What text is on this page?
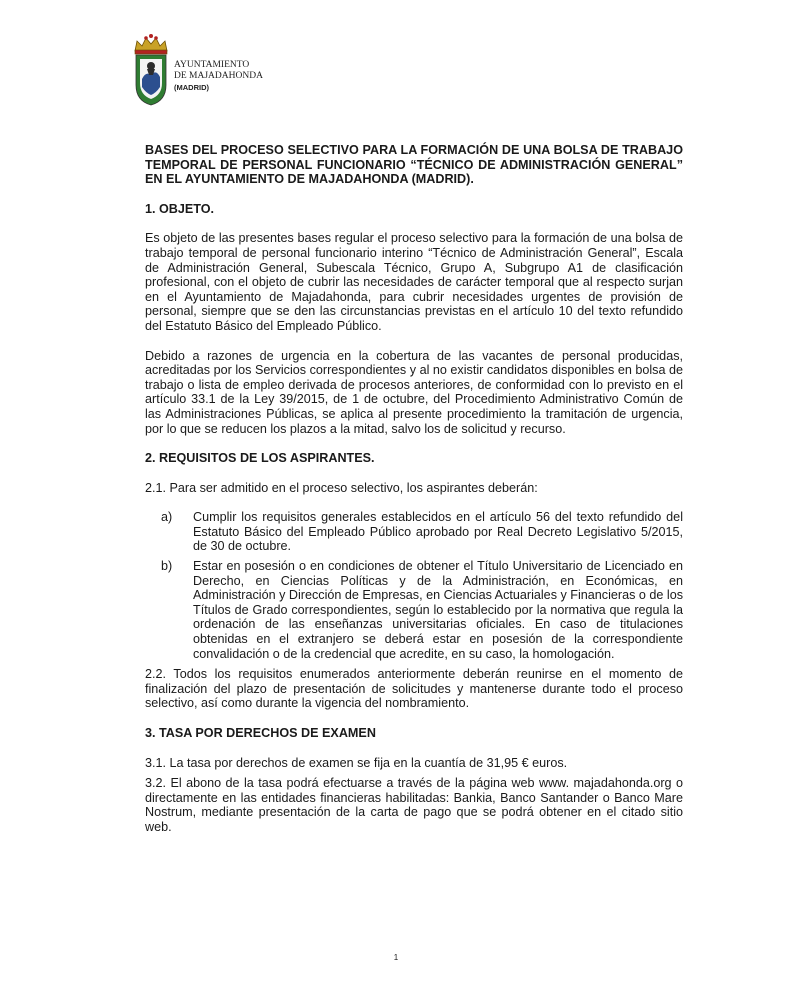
AYUNTAMIENTO
DE MAJADAHONDA
(MADRID)

BASES DEL PROCESO SELECTIVO PARA LA FORMACIÓN DE UNA BOLSA DE TRABAJO TEMPORAL DE PERSONAL FUNCIONARIO “TÉCNICO DE ADMINISTRACIÓN GENERAL” EN EL AYUNTAMIENTO DE MAJADAHONDA (MADRID).

1. OBJETO.

Es objeto de las presentes bases regular el proceso selectivo para la formación de una bolsa de trabajo temporal de personal funcionario interino “Técnico de Administración General”, Escala de Administración General, Subescala Técnico, Grupo A, Subgrupo A1 de clasificación profesional, con el objeto de cubrir las necesidades de carácter temporal que al respecto surjan en el Ayuntamiento de Majadahonda, para cubrir necesidades urgentes de provisión de personal, siempre que se den las circunstancias previstas en el artículo 10 del texto refundido del Estatuto Básico del Empleado Público.

Debido a razones de urgencia en la cobertura de las vacantes de personal producidas, acreditadas por los Servicios correspondientes y al no existir candidatos disponibles en bolsa de trabajo o lista de empleo derivada de procesos anteriores, de conformidad con lo previsto en el artículo 33.1 de la Ley 39/2015, de 1 de octubre, del Procedimiento Administrativo Común de las Administraciones Públicas, se aplica al presente procedimiento la tramitación de urgencia, por lo que se reducen los plazos a la mitad, salvo los de solicitud y recurso.

2. REQUISITOS DE LOS ASPIRANTES.

2.1. Para ser admitido en el proceso selectivo, los aspirantes deberán:

a) Cumplir los requisitos generales establecidos en el artículo 56 del texto refundido del Estatuto Básico del Empleado Público aprobado por Real Decreto Legislativo 5/2015, de 30 de octubre.
b) Estar en posesión o en condiciones de obtener el Título Universitario de Licenciado en Derecho, en Ciencias Políticas y de la Administración, en Económicas, en Administración y Dirección de Empresas, en Ciencias Actuariales y Financieras o de los Títulos de Grado correspondientes, según lo establecido por la normativa que regula la ordenación de las enseñanzas universitarias oficiales. En caso de titulaciones obtenidas en el extranjero se deberá estar en posesión de la correspondiente convalidación o de la credencial que acredite, en su caso, la homologación.

2.2. Todos los requisitos enumerados anteriormente deberán reunirse en el momento de finalización del plazo de presentación de solicitudes y mantenerse durante todo el proceso selectivo, así como durante la vigencia del nombramiento.

3. TASA POR DERECHOS DE EXAMEN

3.1. La tasa por derechos de examen se fija en la cuantía de 31,95 € euros.

3.2. El abono de la tasa podrá efectuarse a través de la página web www. majadahonda.org o directamente en las entidades financieras habilitadas: Bankia, Banco Santander o Banco Mare Nostrum, mediante presentación de la carta de pago que se podrá obtener en el citado sitio web.

1
